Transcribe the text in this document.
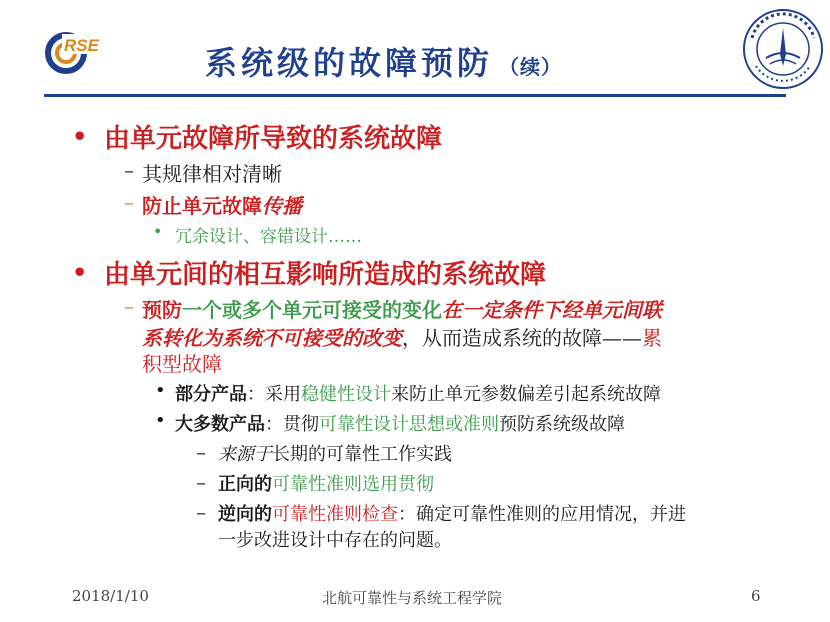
RSE	系统级的故障预防 （续）
• 由单元故障所导致的系统故障
– 其规律相对清晰
– 防止单元故障传播
• 冗余设计、容错设计……
• 由单元间的相互影响所造成的系统故障
– 预防一个或多个单元可接受的变化在一定条件下经单元间联
系转化为系统不可接受的改变，从而造成系统的故障——累
积型故障
• 部分产品：采用稳健性设计来防止单元参数偏差引起系统故障
• 大多数产品：贯彻可靠性设计思想或准则预防系统级故障
– 来源于长期的可靠性工作实践
– 正向的可靠性准则选用贯彻
– 逆向的可靠性准则检查：确定可靠性准则的应用情况，并进
一步改进设计中存在的问题。
2018/1/10	北航可靠性与系统工程学院	6
